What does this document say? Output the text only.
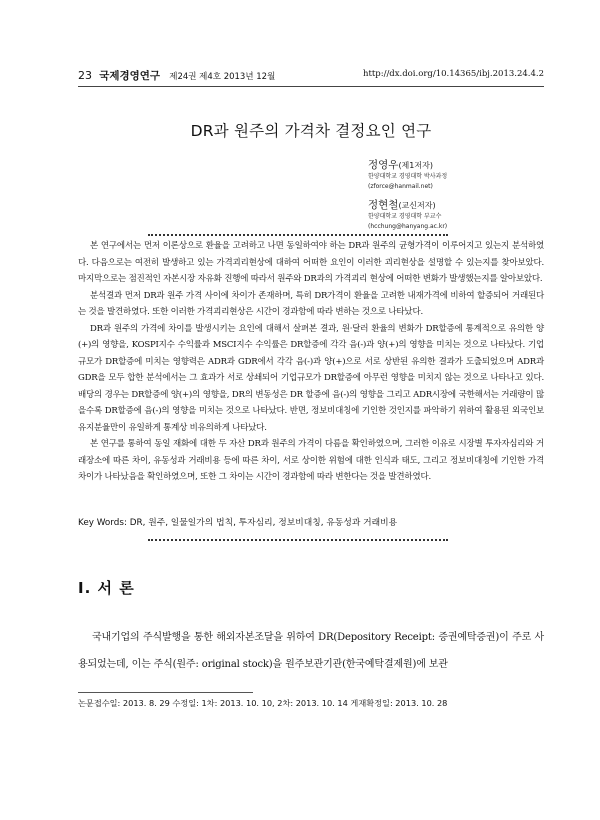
23 국제경영연구 제24권 제4호 2013년 12월	http://dx.doi.org/10.14365/ibj.2013.24.4.2
DR과 원주의 가격차 결정요인 연구
정영우(제1저자)
한양대학교 경영대학 박사과정
(zforce@hanmail.net)
정현철(교신저자)
한양대학교 경영대학 부교수
(hcchung@hanyang.ac.kr)

본 연구에서는 먼저 이론상으로 환율을 고려하고 나면 동일하여야 하는 DR과 원주의 균형가격이 이루어지고 있는지 분석하였다. 다음으로는 여전히 발생하고 있는 가격괴리현상에 대하여 어떠한 요인이 이러한 괴리현상을 설명할 수 있는지를 찾아보았다. 마지막으로는 점진적인 자본시장 자유화 진행에 따라서 원주와 DR과의 가격괴리 현상에 어떠한 변화가 발생했는지를 알아보았다.

분석결과 먼저 DR과 원주 가격 사이에 차이가 존재하며, 특히 DR가격이 환율을 고려한 내재가격에 비하여 할증되어 거래된다는 것을 발견하였다. 또한 이러한 가격괴리현상은 시간이 경과함에 따라 변하는 것으로 나타났다.

DR과 원주의 가격에 차이를 발생시키는 요인에 대해서 살펴본 결과, 원·달러 환율의 변화가 DR할증에 통계적으로 유의한 양(+)의 영향을, KOSPI지수 수익률과 MSCI지수 수익률은 DR할증에 각각 음(-)과 양(+)의 영향을 미치는 것으로 나타났다. 기업규모가 DR할증에 미치는 영향력은 ADR과 GDR에서 각각 음(-)과 양(+)으로 서로 상반된 유의한 결과가 도출되었으며 ADR과 GDR을 모두 합한 분석에서는 그 효과가 서로 상쇄되어 기업규모가 DR할증에 아무런 영향을 미치지 않는 것으로 나타나고 있다. 배당의 경우는 DR할증에 양(+)의 영향을, DR의 변동성은 DR 할증에 음(-)의 영향을 그리고 ADR시장에 국한해서는 거래량이 많을수록 DR할증에 음(-)의 영향을 미치는 것으로 나타났다. 반면, 정보비대칭에 기인한 것인지를 파악하기 위하여 활용된 외국인보유지분율만이 유일하게 통계상 비유의하게 나타났다.

본 연구를 통하여 동일 재화에 대한 두 자산 DR과 원주의 가격이 다름을 확인하였으며, 그러한 이유로 시장별 투자자심리와 거래장소에 따른 차이, 유동성과 거래비용 등에 따른 차이, 서로 상이한 위험에 대한 인식과 태도, 그리고 정보비대칭에 기인한 가격차이가 나타났음을 확인하였으며, 또한 그 차이는 시간이 경과함에 따라 변한다는 것을 발견하였다.

Key Words: DR, 원주, 일물일가의 법칙, 투자심리, 정보비대칭, 유동성과 거래비용
Ⅰ. 서 론

국내기업의 주식발행을 통한 해외자본조달을 위하여 DR(Depository Receipt: 증권예탁증권)이 주로 사용되었는데, 이는 주식(원주: original stock)을 원주보관기관(한국예탁결제원)에 보관

논문접수일: 2013. 8. 29 수정일: 1차: 2013. 10. 10, 2차: 2013. 10. 14 게재확정일: 2013. 10. 28
